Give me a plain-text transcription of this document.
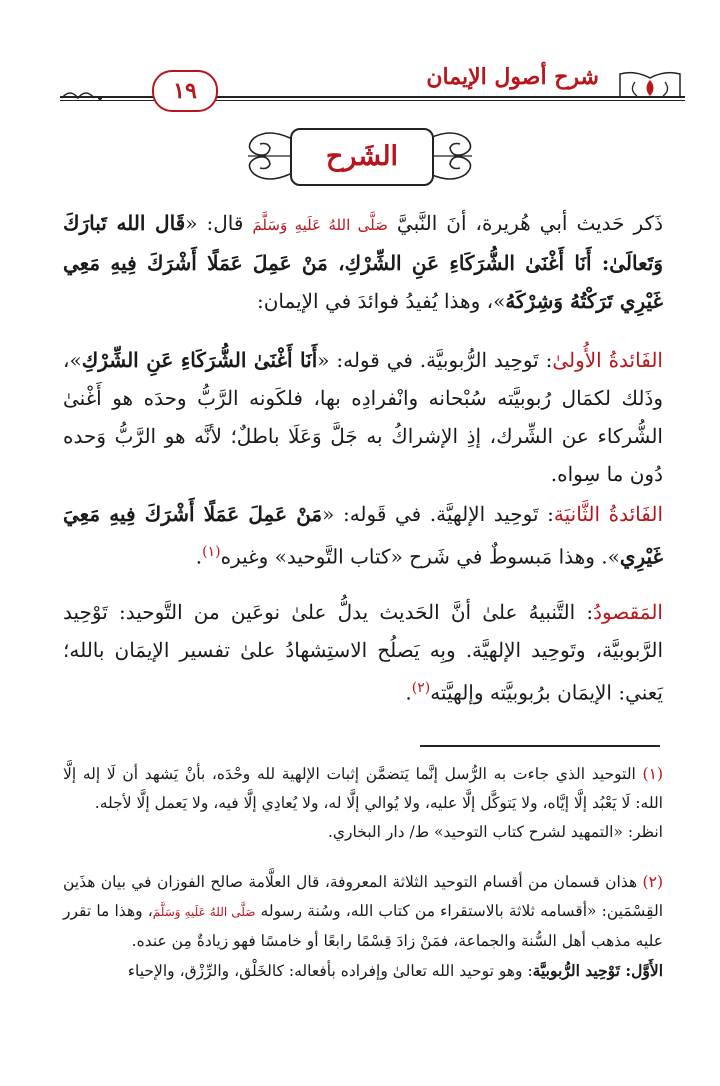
١٩
شرح أصول الإيمان
الشَرح

ذَكر حَديث أبي هُريرة، أنَ النَّبيَّ صَلَّى اللهُ عَلَيهِ وَسَلَّمَ قال: «قَال الله تَبارَكَ وَتَعالَىٰ: أَنَا أَغْنَىٰ الشُّرَكَاءِ عَنِ الشِّرْكِ، مَنْ عَمِلَ عَمَلًا أَشْرَكَ فِيهِ مَعِي غَيْرِي تَرَكْتُهُ وَشِرْكَهُ»، وهذا يُفيدُ فوائدَ في الإيمان:

الفَائدةُ الأُولىٰ: تَوحِيد الرُّبوبيَّة. في قوله: «أَنَا أَغْنَىٰ الشُّرَكَاءِ عَنِ الشِّرْكِ»، وذَلك لكمَال رُبوبيَّته سُبْحانه وانْفرادِه بها، فلكَونه الرَّبُّ وحدَه هو أَغْنىٰ الشُّركاء عن الشِّرك، إذِ الإشراكُ به جَلَّ وَعَلَا باطلٌ؛ لأنَّه هو الرَّبُّ وَحده دُون ما سِواه.

الفَائدةُ الثَّانيَة: تَوحِيد الإلهيَّة. في قَوله: «مَنْ عَمِلَ عَمَلًا أَشْرَكَ فِيهِ مَعِيَ غَيْرِي». وهذا مَبسوطٌ في شَرح «كتاب التَّوحيد» وغيره$^{(١)}$.

المَقصودُ: التَّنبيهُ علىٰ أنَّ الحَديث يدلُّ علىٰ نوعَين من التَّوحيد: تَوْحِيد الرَّبوبيَّة، وتَوحِيد الإلهيَّة. وبِه يَصلُح الاستِشهادُ علىٰ تفسير الإيمَان بالله؛ يَعني: الإيمَان برُبوبيَّته وإلهيَّته$^{(٢)}$.

(١) التوحيد الذي جاءت به الرُّسل إنَّما يَتضمَّن إثبات الإلهية لله وحْدَه، بأنْ يَشهد أن لَا إله إلَّا الله: لَا يَعْبُد إلَّا إيَّاه، ولا يَتوكَّل إلَّا عليه، ولا يُوالي إلَّا له، ولا يُعادِي إلَّا فيه، ولا يَعمل إلَّا لأجله.
انظر: «التمهيد لشرح كتاب التوحيد» ط/ دار البخاري.
(٢) هذان قسمان من أقسام التوحيد الثلاثة المعروفة، قال العلَّامة صالح الفوزان في بيان هذَين القِسْمَين: «أقسامه ثلاثة بالاستقراء من كتاب الله، وسُنة رسوله صَلَّى اللهُ عَلَيهِ وَسَلَّمَ، وهذا ما تقرر عليه مذهب أهل السُّنة والجماعة، فمَنْ زادَ قِسْمًا رابعًا أو خامسًا فهو زيادةٌ مِن عنده.
الأَوَّل: تَوْحِيد الرُّبوبيَّة: وهو توحيد الله تعالىٰ وإفراده بأفعاله: كالخَلْق، والرِّزْق، والإحياء
